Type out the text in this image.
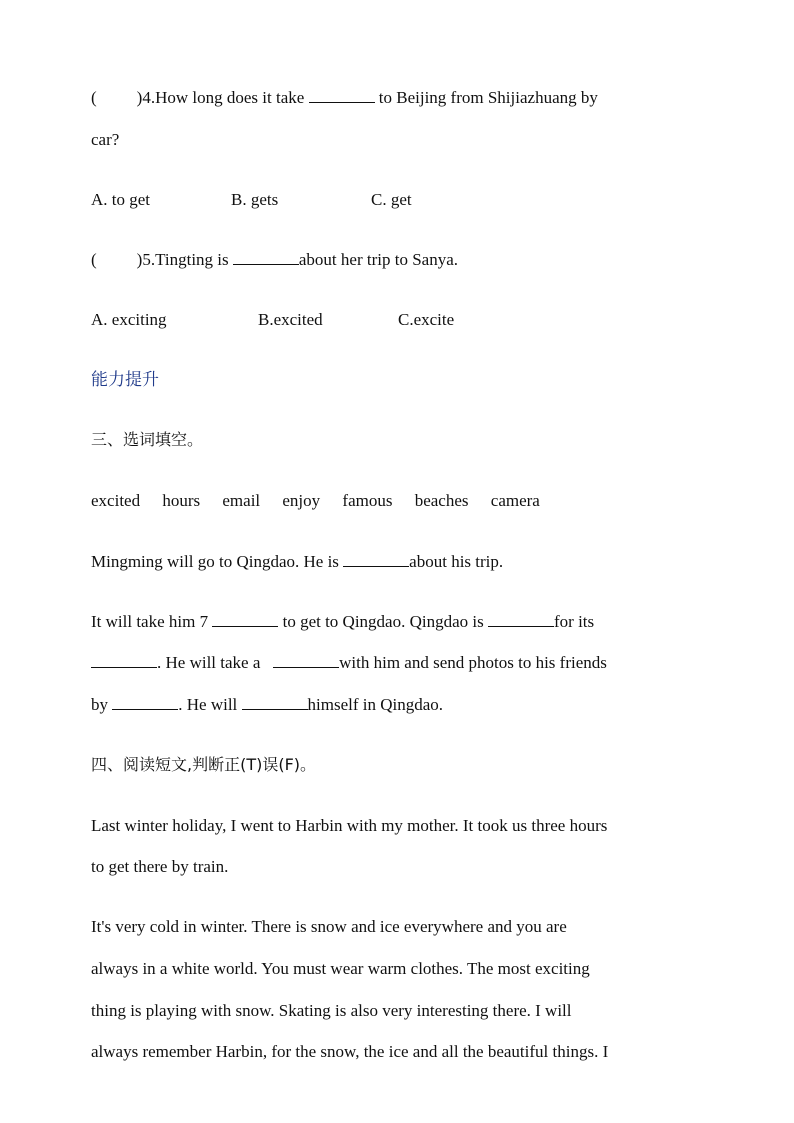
( )4.How long does it take	to Beijing from Shijiazhuang by
car?
A. to get	B. gets	C. get
( )5.Tingting is	about her trip to Sanya.
A. exciting	B.excited	C.excite
能力提升
三、选词填空。
excited hours email enjoy famous beaches camera
Mingming will go to Qingdao. He is	about his trip.
It will take him 7	to get to Qingdao. Qingdao is	for its
. He will take a	with him and send photos to his friends
by	. He will	himself in Qingdao.
四、阅读短文,判断正(T)误(F)。
Last winter holiday, I went to Harbin with my mother. It took us three hours
to get there by train.
It's very cold in winter. There is snow and ice everywhere and you are
always in a white world. You must wear warm clothes. The most exciting
thing is playing with snow. Skating is also very interesting there. I will
always remember Harbin, for the snow, the ice and all the beautiful things. I
